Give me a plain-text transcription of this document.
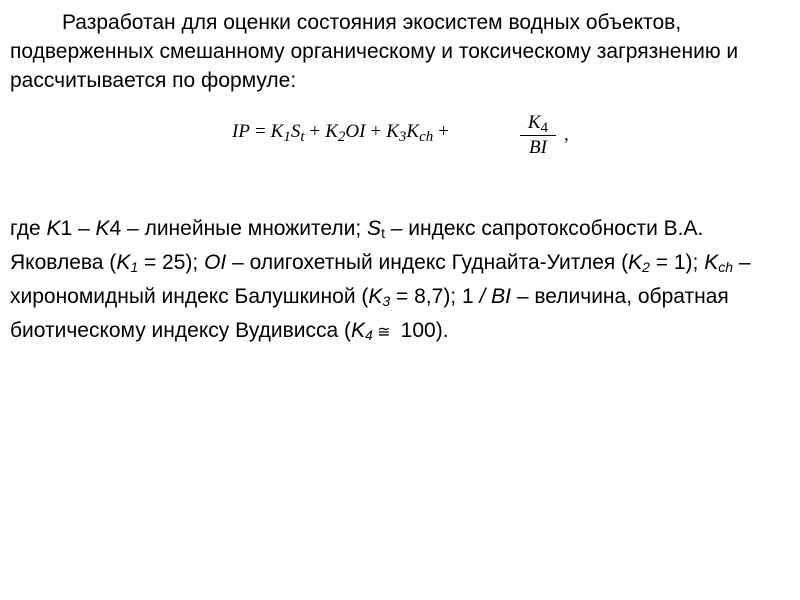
Разработан для оценки состояния экосистем водных объектов, подверженных смешанному органическому и токсическому загрязнению и рассчитывается по формуле:

IP = $K_1S_t + K_2OI + K_3K_{ch}$ +	$K_4$
BI
,

где K1 – K4 – линейные множители; $S_t$ – индекс сапротоксобности В.А. Яковлева $(K_1 = 25)$; OI – олигохетный индекс Гуднайта-Уитлея $(K_2 = 1)$; $K_{ch}$ – хирономидный индекс Балушкиной $(K_3 = 8,7)$; 1 / BI – величина, обратная биотическому индексу Вудивисса ($K_4$ ≅ 100).
